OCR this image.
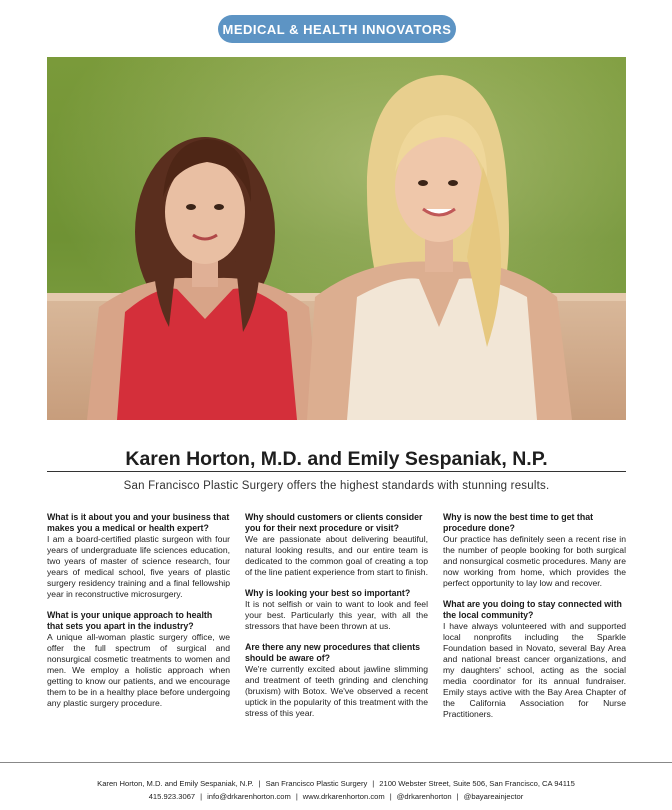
MEDICAL & HEALTH INNOVATORS
Karen Horton, M.D. and Emily Sespaniak, N.P.
San Francisco Plastic Surgery offers the highest standards with stunning results.
What is it about you and your business that makes you a medical or health expert?
I am a board-certified plastic surgeon with four years of undergraduate life sciences education, two years of master of science research, four years of medical school, five years of plastic surgery residency training and a final fellowship year in reconstructive microsurgery.
What is your unique approach to health that sets you apart in the industry?
A unique all-woman plastic surgery office, we offer the full spectrum of surgical and nonsurgical cosmetic treatments to women and men. We employ a holistic approach when getting to know our patients, and we encourage them to be in a healthy place before undergoing any plastic surgery procedure.
Why should customers or clients consider you for their next procedure or visit?
We are passionate about delivering beautiful, natural looking results, and our entire team is dedicated to the common goal of creating a top of the line patient experience from start to finish.
Why is looking your best so important?
It is not selfish or vain to want to look and feel your best. Particularly this year, with all the stressors that have been thrown at us.
Are there any new procedures that clients should be aware of?
We're currently excited about jawline slimming and treatment of teeth grinding and clenching (bruxism) with Botox. We've observed a recent uptick in the popularity of this treatment with the stress of this year.
Why is now the best time to get that procedure done?
Our practice has definitely seen a recent rise in the number of people booking for both surgical and nonsurgical cosmetic procedures. Many are now working from home, which provides the perfect opportunity to lay low and recover.
What are you doing to stay connected with the local community?
I have always volunteered with and supported local nonprofits including the Sparkle Foundation based in Novato, several Bay Area and national breast cancer organizations, and my daughters' school, acting as the social media coordinator for its annual fundraiser. Emily stays active with the Bay Area Chapter of the California Association for Nurse Practitioners.
Karen Horton, M.D. and Emily Sespaniak, N.P. | San Francisco Plastic Surgery | 2100 Webster Street, Suite 506, San Francisco, CA 94115
415.923.3067 | info@drkarenhorton.com | www.drkarenhorton.com | @drkarenhorton | @bayareainjector
